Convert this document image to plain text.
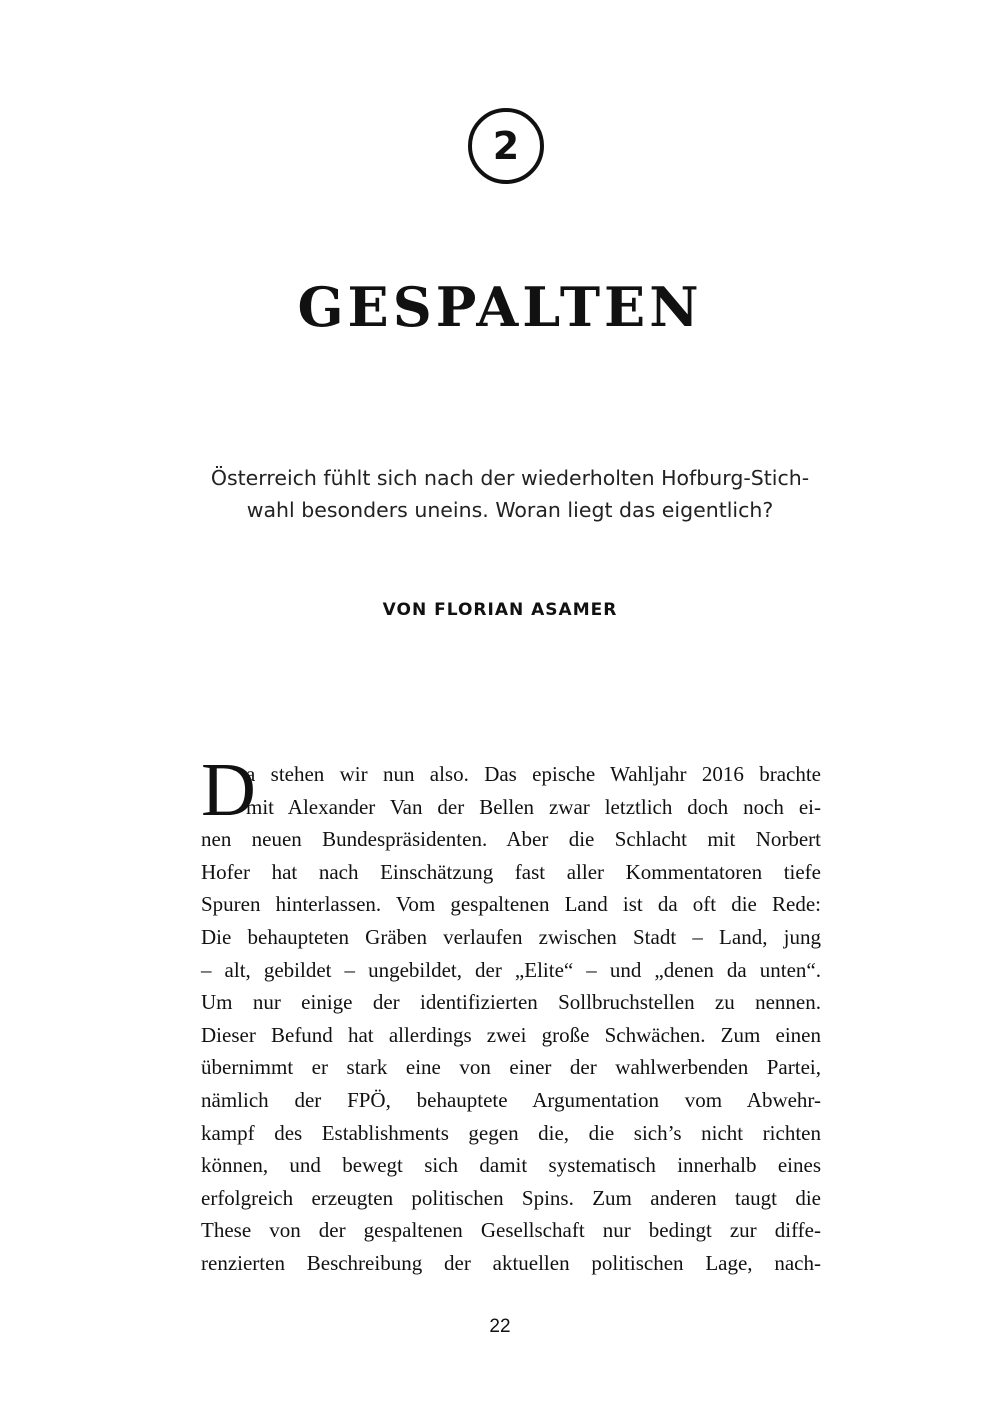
2
GESPALTEN
Österreich fühlt sich nach der wiederholten Hofburg-Stich-
wahl besonders uneins. Woran liegt das eigentlich?
VON FLORIAN ASAMER
D
a stehen wir nun also. Das epische Wahljahr 2016 brachte
mit Alexander Van der Bellen zwar letztlich doch noch ei-
nen neuen Bundespräsidenten. Aber die Schlacht mit Norbert
Hofer hat nach Einschätzung fast aller Kommentatoren tiefe
Spuren hinterlassen. Vom gespaltenen Land ist da oft die Rede:
Die behaupteten Gräben verlaufen zwischen Stadt – Land, jung
– alt, gebildet – ungebildet, der „Elite“ – und „denen da unten“.
Um nur einige der identifizierten Sollbruchstellen zu nennen.
Dieser Befund hat allerdings zwei große Schwächen. Zum einen
übernimmt er stark eine von einer der wahlwerbenden Partei,
nämlich der FPÖ, behauptete Argumentation vom Abwehr-
kampf des Establishments gegen die, die sich’s nicht richten
können, und bewegt sich damit systematisch innerhalb eines
erfolgreich erzeugten politischen Spins. Zum anderen taugt die
These von der gespaltenen Gesellschaft nur bedingt zur diffe-
renzierten Beschreibung der aktuellen politischen Lage, nach-
22
